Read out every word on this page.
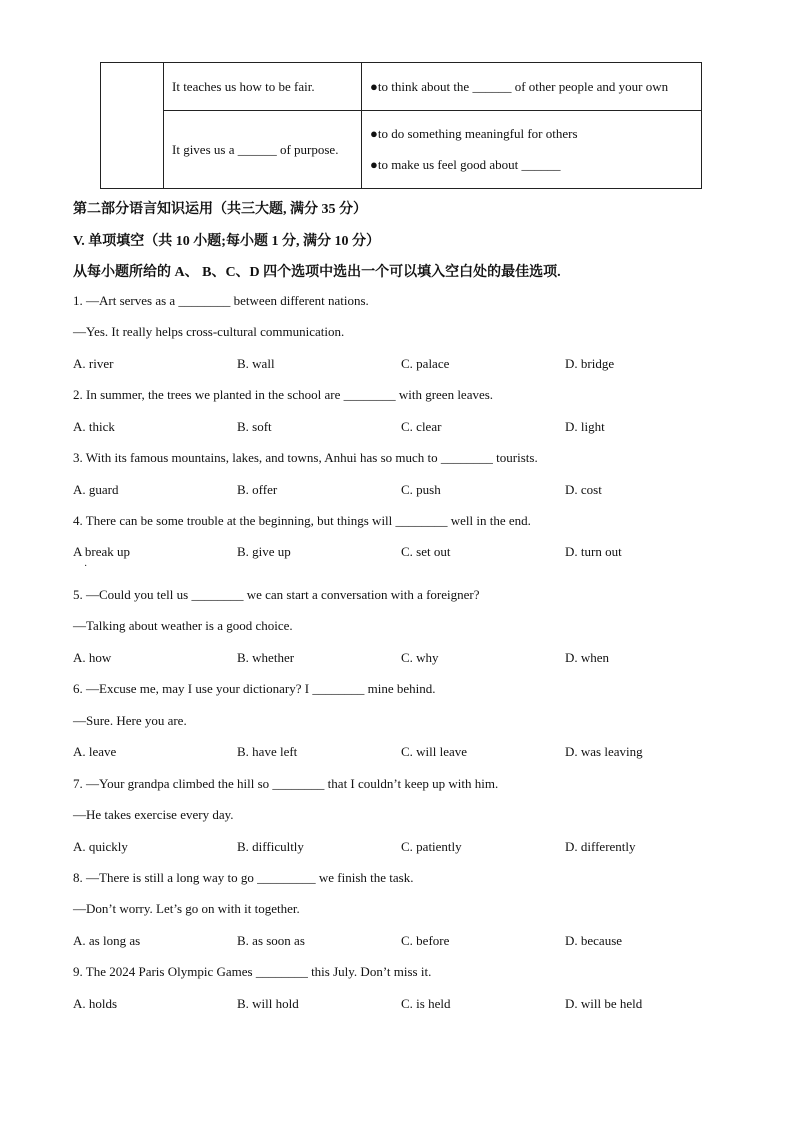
	It teaches us how to be fair.	●to think about the ______ of other people and your own

	It gives us a ______ of purpose.	●to do something meaningful for others
●to make us feel good about ______
第二部分语言知识运用（共三大题, 满分 35 分）
V. 单项填空（共 10 小题;每小题 1 分, 满分 10 分）
从每小题所给的 A、 B、C、D 四个选项中选出一个可以填入空白处的最佳选项.
1. —Art serves as a ________ between different nations.
—Yes. It really helps cross-cultural communication.
A. river	B. wall	C. palace	D. bridge
2. In summer, the trees we planted in the school are ________ with green leaves.
A. thick	B. soft	C. clear	D. light
3. With its famous mountains, lakes, and towns, Anhui has so much to ________ tourists.
A. guard	B. offer	C. push	D. cost
4. There can be some trouble at the beginning, but things will ________ well in the end.
A break up	B. give up	C. set out	D. turn out
·
5. —Could you tell us ________ we can start a conversation with a foreigner?
—Talking about weather is a good choice.
A. how	B. whether	C. why	D. when
6. —Excuse me, may I use your dictionary? I ________ mine behind.
—Sure. Here you are.
A. leave	B. have left	C. will leave	D. was leaving
7. —Your grandpa climbed the hill so ________ that I couldn’t keep up with him.
—He takes exercise every day.
A. quickly	B. difficultly	C. patiently	D. differently
8. —There is still a long way to go _________ we finish the task.
—Don’t worry. Let’s go on with it together.
A. as long as	B. as soon as	C. before	D. because
9. The 2024 Paris Olympic Games ________ this July. Don’t miss it.
A. holds	B. will hold	C. is held	D. will be held
